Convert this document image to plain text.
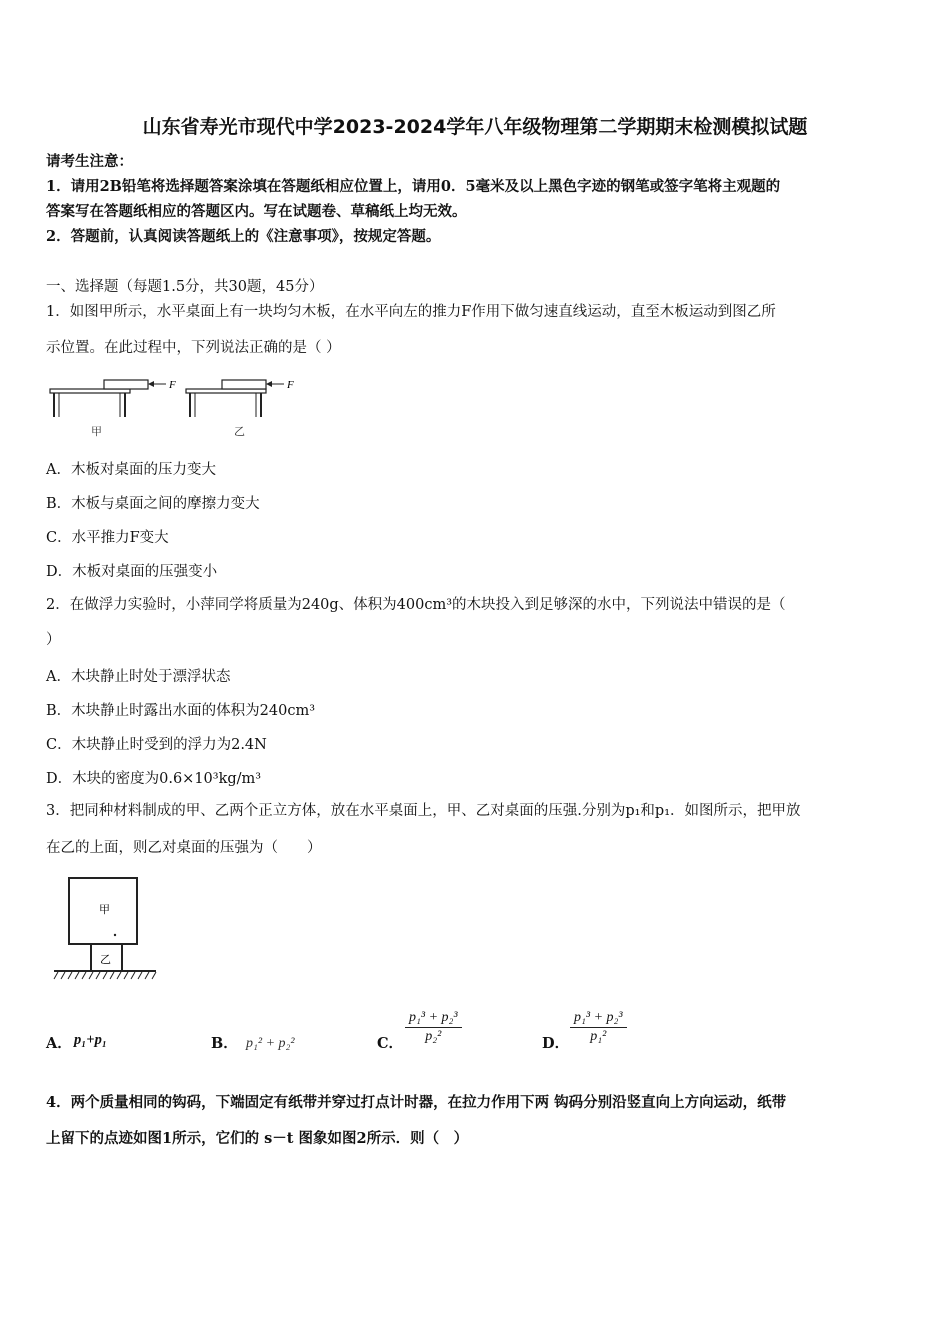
山东省寿光市现代中学2023-2024学年八年级物理第二学期期末检测模拟试题
请考生注意：
1．请用2B铅笔将选择题答案涂填在答题纸相应位置上，请用0．5毫米及以上黑色字迹的钢笔或签字笔将主观题的
答案写在答题纸相应的答题区内。写在试题卷、草稿纸上均无效。
2．答题前，认真阅读答题纸上的《注意事项》，按规定答题。
一、选择题（每题1.5分，共30题，45分）
1．如图甲所示，水平桌面上有一块均匀木板，在水平向左的推力F作用下做匀速直线运动，直至木板运动到图乙所
示位置。在此过程中，下列说法正确的是（ ）
F	F
甲	乙
A．木板对桌面的压力变大
B．木板与桌面之间的摩擦力变大
C．水平推力F变大
D．木板对桌面的压强变小
2．在做浮力实验时，小萍同学将质量为240g、体积为400cm³的木块投入到足够深的水中，下列说法中错误的是（
）
A．木块静止时处于漂浮状态
B．木块静止时露出水面的体积为240cm³
C．木块静止时受到的浮力为2.4N
D．木块的密度为0.6×10³kg/m³
3．把同种材料制成的甲、乙两个正立方体，放在水平桌面上，甲、乙对桌面的压强.分别为p₁和p₁．如图所示，把甲放
在乙的上面，则乙对桌面的压强为（　　）
甲
乙
A． p₁+p₁	B． p₁² + p₂²	C． $\frac{\text{p₁³ + p₂³}}{\text{p₂²}}$	D． $\frac{\text{p₁³ + p₂³}}{\text{p₁²}}$
4．两个质量相同的钩码，下端固定有纸带并穿过打点计时器，在拉力作用下两 钩码分别沿竖直向上方向运动，纸带
上留下的点迹如图1所示，它们的 s－t 图象如图2所示．则（　）
